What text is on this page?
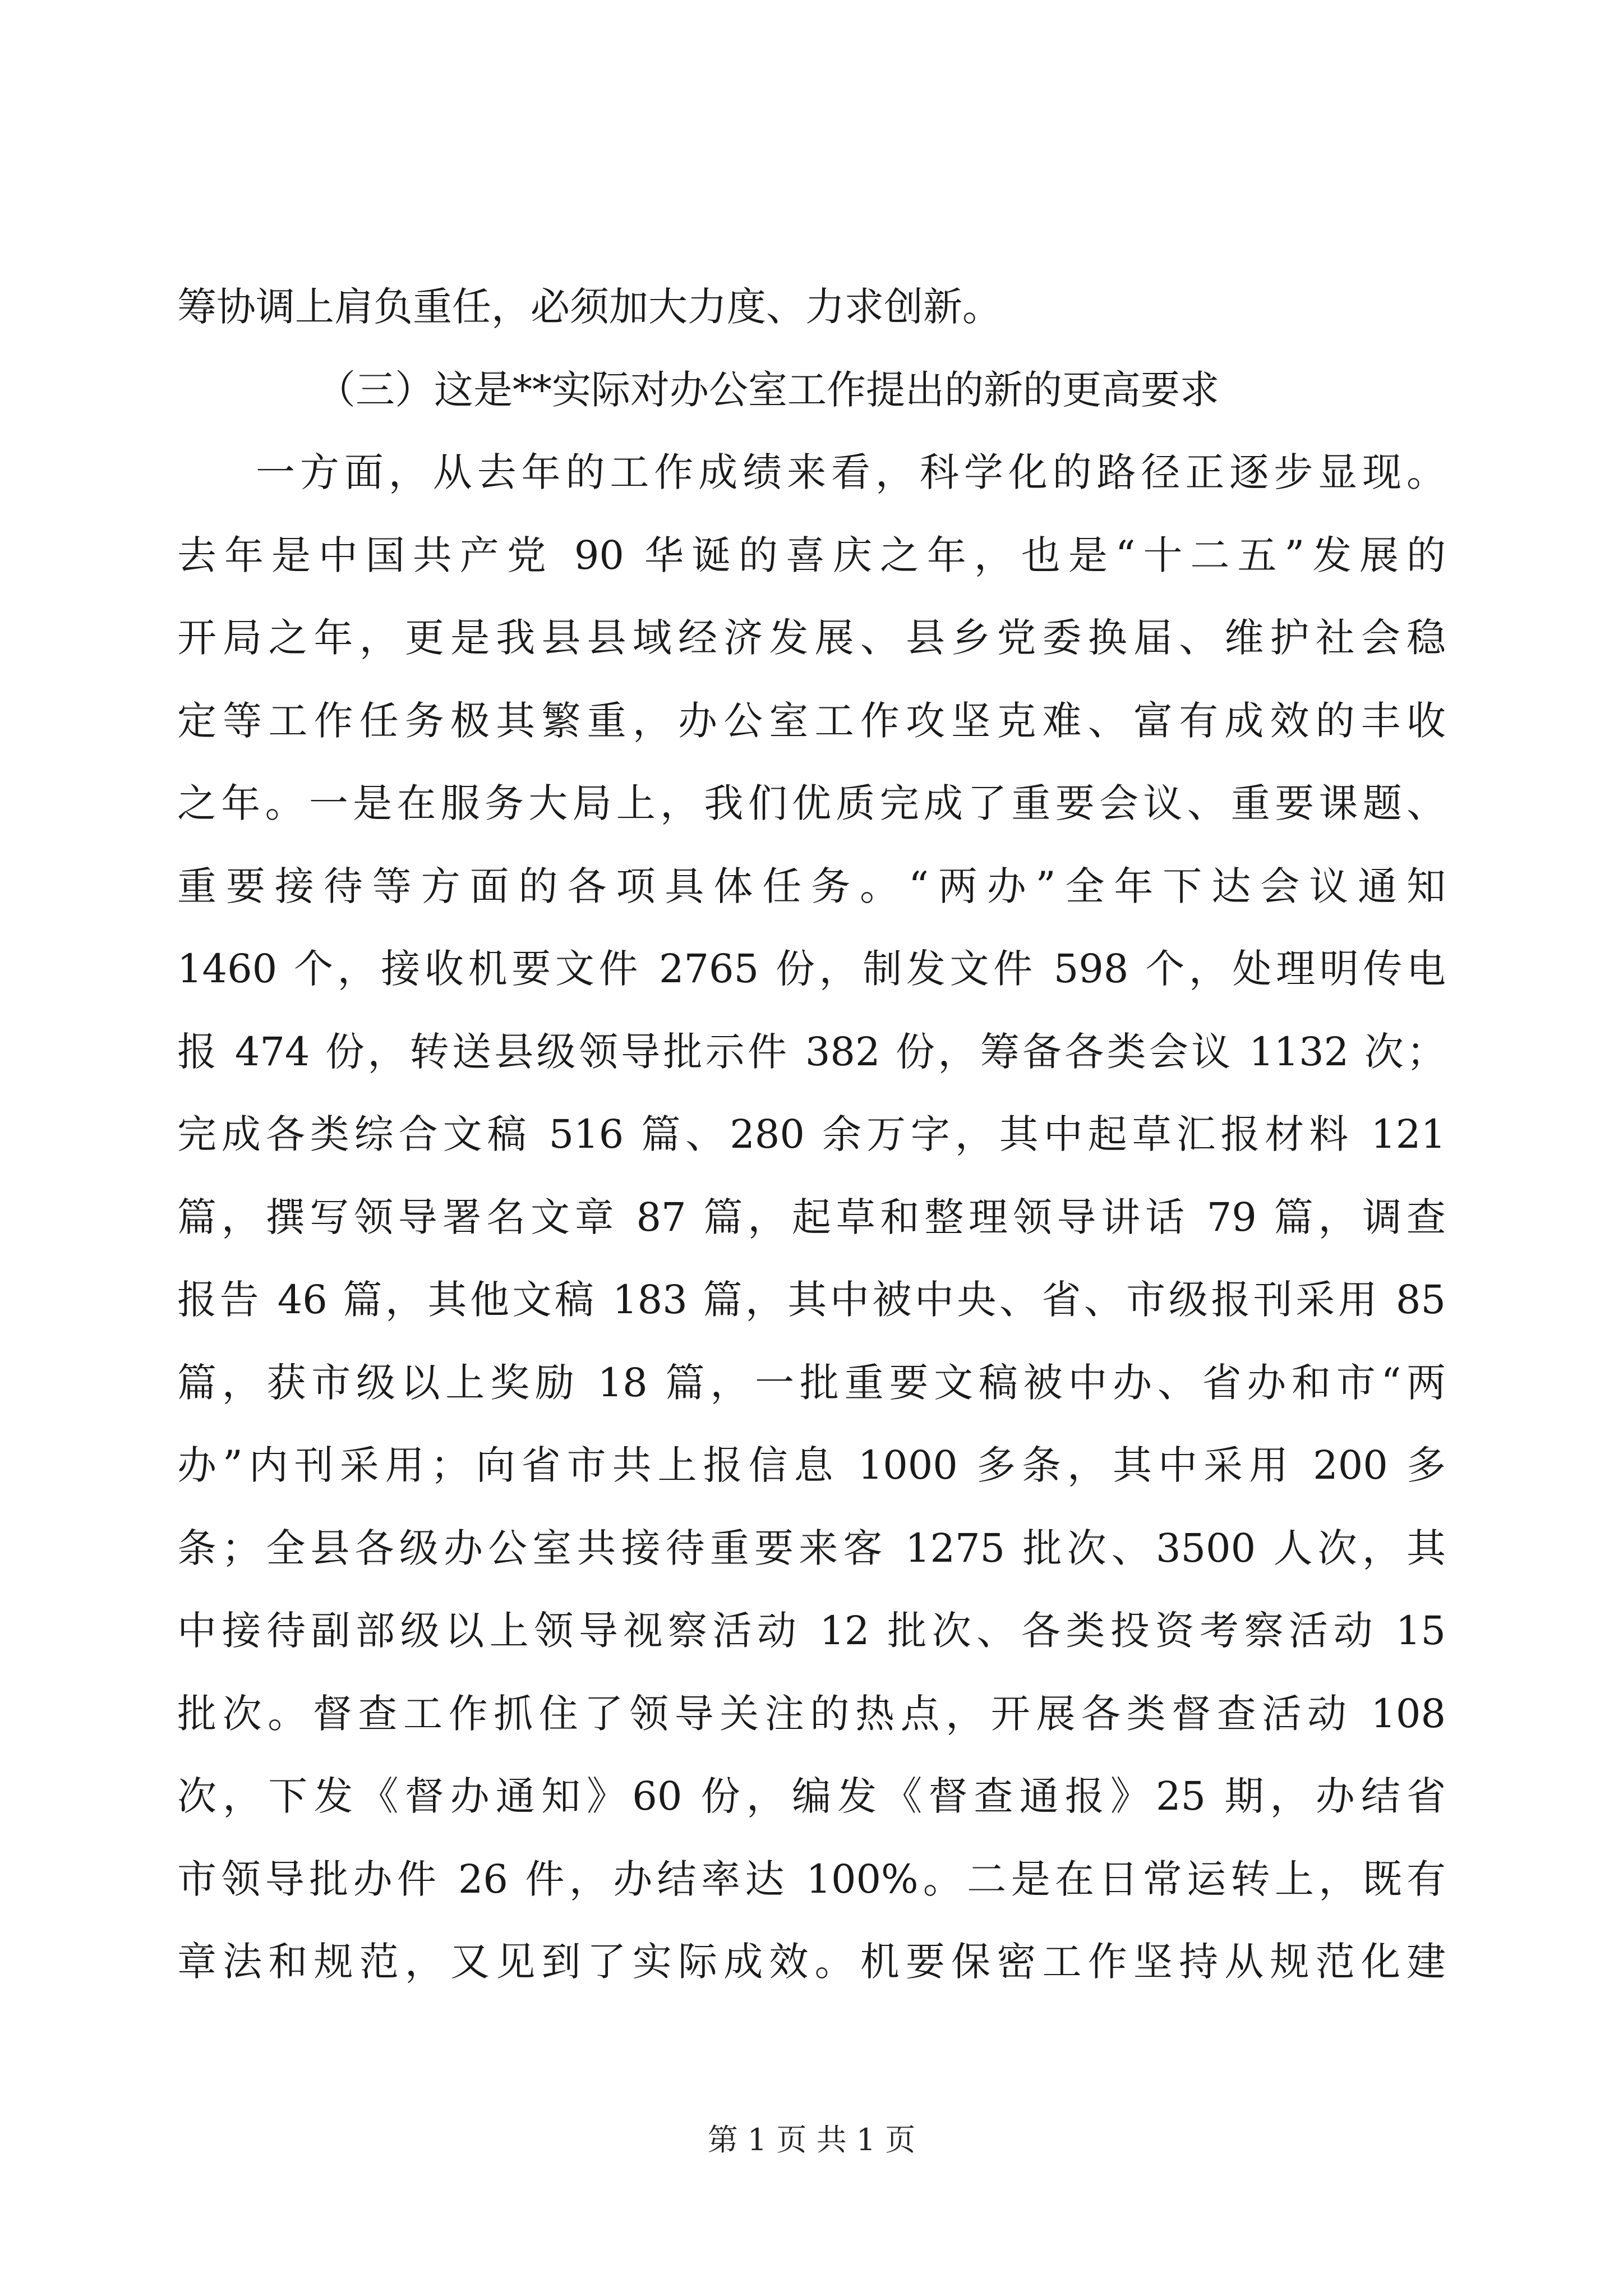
筹协调上肩负重任，必须加大力度、力求创新。
（三）这是**实际对办公室工作提出的新的更高要求
一方面，从去年的工作成绩来看，科学化的路径正逐步显现。
去年是中国共产党 90 华诞的喜庆之年，也是“十二五”发展的
开局之年，更是我县县域经济发展、县乡党委换届、维护社会稳
定等工作任务极其繁重，办公室工作攻坚克难、富有成效的丰收
之年。一是在服务大局上，我们优质完成了重要会议、重要课题、
重要接待等方面的各项具体任务。“两办”全年下达会议通知
1460 个，接收机要文件 2765 份，制发文件 598 个，处理明传电
报 474 份，转送县级领导批示件 382 份，筹备各类会议 1132 次；
完成各类综合文稿 516 篇、280 余万字，其中起草汇报材料 121
篇，撰写领导署名文章 87 篇，起草和整理领导讲话 79 篇，调查
报告 46 篇，其他文稿 183 篇，其中被中央、省、市级报刊采用 85
篇，获市级以上奖励 18 篇，一批重要文稿被中办、省办和市“两
办”内刊采用；向省市共上报信息 1000 多条，其中采用 200 多
条；全县各级办公室共接待重要来客 1275 批次、3500 人次，其
中接待副部级以上领导视察活动 12 批次、各类投资考察活动 15
批次。督查工作抓住了领导关注的热点，开展各类督查活动 108
次，下发《督办通知》60 份，编发《督查通报》25 期，办结省
市领导批办件 26 件，办结率达 100%。二是在日常运转上，既有
章法和规范，又见到了实际成效。机要保密工作坚持从规范化建
第 1 页 共 1 页
